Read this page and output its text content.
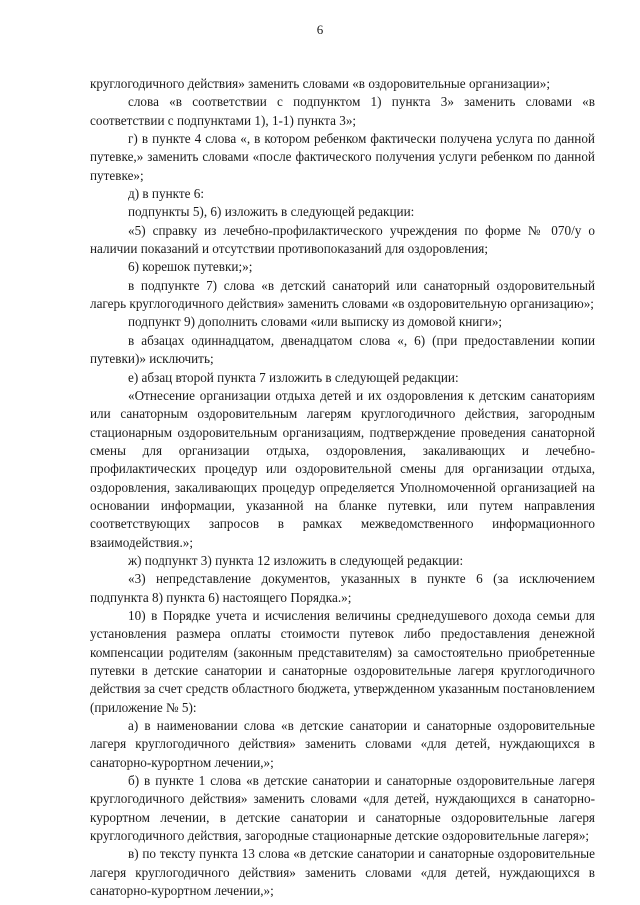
6

круглогодичного действия» заменить словами «в оздоровительные организации»;

слова «в соответствии с подпунктом 1) пункта 3» заменить словами «в соответствии с подпунктами 1), 1-1) пункта 3»;

г) в пункте 4 слова «, в котором ребенком фактически получена услуга по данной путевке,» заменить словами «после фактического получения услуги ребенком по данной путевке»;

д) в пункте 6:

подпункты 5), 6) изложить в следующей редакции:

«5) справку из лечебно-профилактического учреждения по форме № 070/у о наличии показаний и отсутствии противопоказаний для оздоровления;

6) корешок путевки;»;

в подпункте 7) слова «в детский санаторий или санаторный оздоровительный лагерь круглогодичного действия» заменить словами «в оздоровительную организацию»;

подпункт 9) дополнить словами «или выписку из домовой книги»;

в абзацах одиннадцатом, двенадцатом слова «, 6) (при предоставлении копии путевки)» исключить;

е) абзац второй пункта 7 изложить в следующей редакции:

«Отнесение организации отдыха детей и их оздоровления к детским санаториям или санаторным оздоровительным лагерям круглогодичного действия, загородным стационарным оздоровительным организациям, подтверждение проведения санаторной смены для организации отдыха, оздоровления, закаливающих и лечебно-профилактических процедур или оздоровительной смены для организации отдыха, оздоровления, закаливающих процедур определяется Уполномоченной организацией на основании информации, указанной на бланке путевки, или путем направления соответствующих запросов в рамках межведомственного информационного взаимодействия.»;

ж) подпункт 3) пункта 12 изложить в следующей редакции:

«3) непредставление документов, указанных в пункте 6 (за исключением подпункта 8) пункта 6) настоящего Порядка.»;

10) в Порядке учета и исчисления величины среднедушевого дохода семьи для установления размера оплаты стоимости путевок либо предоставления денежной компенсации родителям (законным представителям) за самостоятельно приобретенные путевки в детские санатории и санаторные оздоровительные лагеря круглогодичного действия за счет средств областного бюджета, утвержденном указанным постановлением (приложение № 5):

а) в наименовании слова «в детские санатории и санаторные оздоровительные лагеря круглогодичного действия» заменить словами «для детей, нуждающихся в санаторно-курортном лечении,»;

б) в пункте 1 слова «в детские санатории и санаторные оздоровительные лагеря круглогодичного действия» заменить словами «для детей, нуждающихся в санаторно-курортном лечении, в детские санатории и санаторные оздоровительные лагеря круглогодичного действия, загородные стационарные детские оздоровительные лагеря»;

в) по тексту пункта 13 слова «в детские санатории и санаторные оздоровительные лагеря круглогодичного действия» заменить словами «для детей, нуждающихся в санаторно-курортном лечении,»;
